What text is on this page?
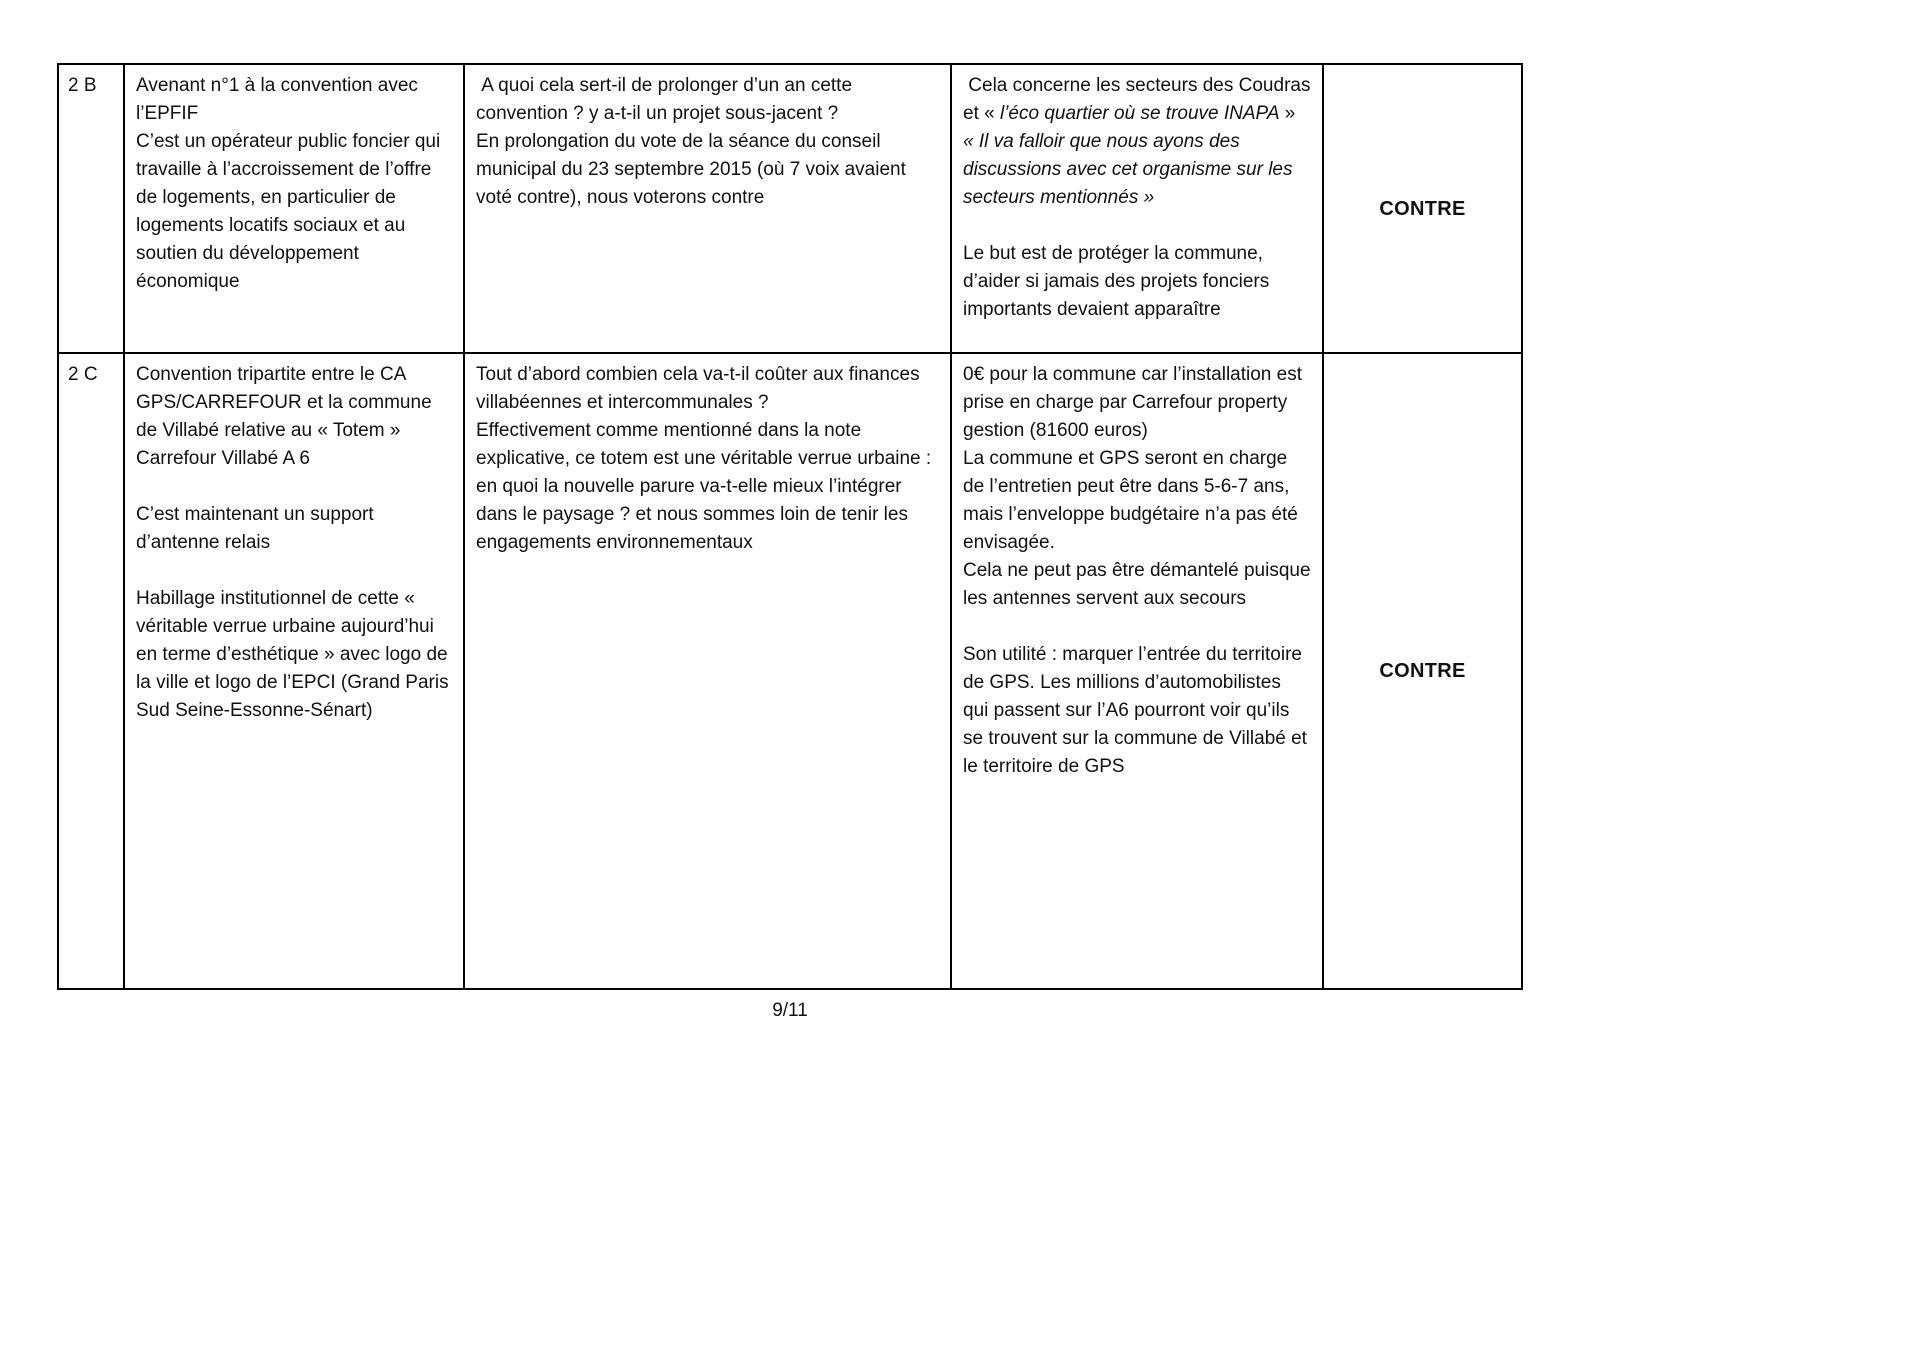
2 B	Avenant n°1 à la convention avec l’EPFIF
C’est un opérateur public foncier qui travaille à l’accroissement de l’offre de logements, en particulier de logements locatifs sociaux et au soutien du développement économique
A quoi cela sert-il de prolonger d’un an cette convention ? y a-t-il un projet sous-jacent ?
En prolongation du vote de la séance du conseil municipal du 23 septembre 2015 (où 7 voix avaient voté contre), nous voterons contre
Cela concerne les secteurs des Coudras et « l’éco quartier où se trouve INAPA »
« Il va falloir que nous ayons des discussions avec cet organisme sur les secteurs mentionnés »
Le but est de protéger la commune, d’aider si jamais des projets fonciers importants devaient apparaître
CONTRE
2 C	Convention tripartite entre le CA GPS/CARREFOUR et la commune de Villabé relative au « Totem » Carrefour Villabé A 6
C’est maintenant un support d’antenne relais
Habillage institutionnel de cette « véritable verrue urbaine aujourd’hui en terme d’esthétique » avec logo de la ville et logo de l’EPCI (Grand Paris Sud Seine-Essonne-Sénart)
Tout d’abord combien cela va-t-il coûter aux finances villabéennes et intercommunales ?
Effectivement comme mentionné dans la note explicative, ce totem est une véritable verrue urbaine : en quoi la nouvelle parure va-t-elle mieux l’intégrer dans le paysage ? et nous sommes loin de tenir les engagements environnementaux
0€ pour la commune car l’installation est prise en charge par Carrefour property gestion (81600 euros)
La commune et GPS seront en charge de l’entretien peut être dans 5-6-7 ans, mais l’enveloppe budgétaire n’a pas été envisagée.
Cela ne peut pas être démantelé puisque les antennes servent aux secours
Son utilité : marquer l’entrée du territoire de GPS. Les millions d’automobilistes qui passent sur l’A6 pourront voir qu’ils se trouvent sur la commune de Villabé et le territoire de GPS
CONTRE
9/11
